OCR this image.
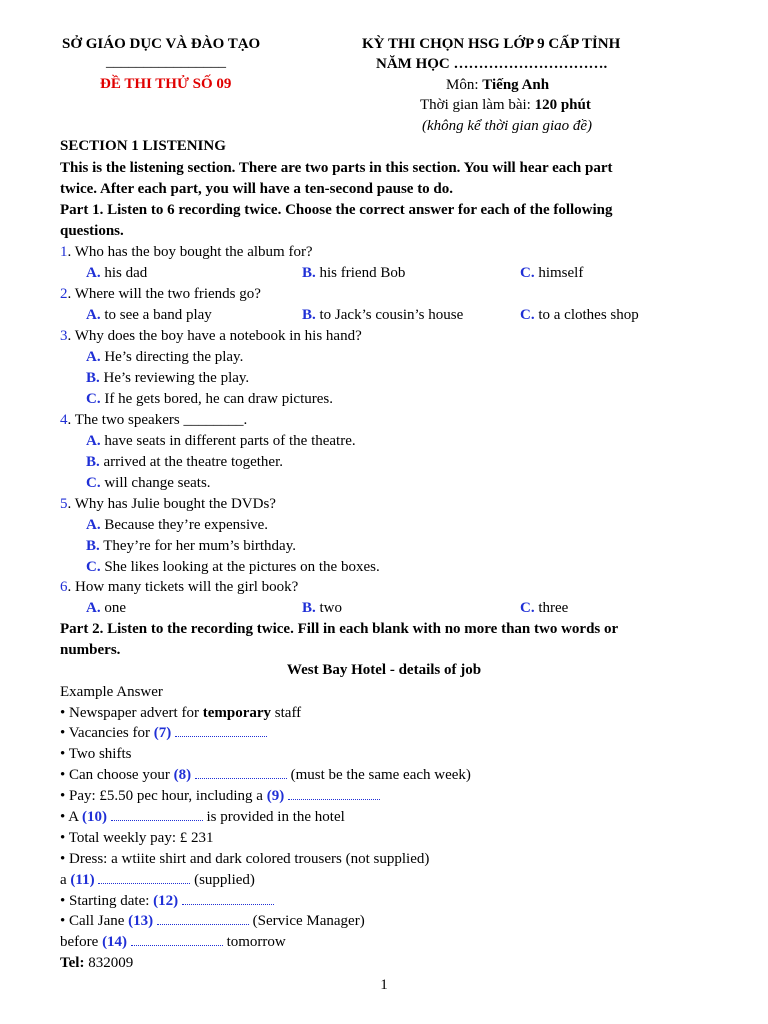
SỞ GIÁO DỤC VÀ ĐÀO TẠO
________________
ĐỀ THI THỬ SỐ 09
KỲ THI CHỌN HSG LỚP 9 CẤP TỈNH
NĂM HỌC ………………………….
Môn: Tiếng Anh
Thời gian làm bài: 120 phút
(không kể thời gian giao đề)
SECTION 1 LISTENING
This is the listening section. There are two parts in this section. You will hear each part
twice. After each part, you will have a ten-second pause to do.
Part 1. Listen to 6 recording twice. Choose the correct answer for each of the following
questions.
1. Who has the boy bought the album for?
A. his dad	B. his friend Bob	C. himself
2. Where will the two friends go?
A. to see a band play	B. to Jack’s cousin’s house	C. to a clothes shop
3. Why does the boy have a notebook in his hand?
A. He’s directing the play.
B. He’s reviewing the play.
C. If he gets bored, he can draw pictures.
4. The two speakers ________.
A. have seats in different parts of the theatre.
B. arrived at the theatre together.
C. will change seats.
5. Why has Julie bought the DVDs?
A. Because they’re expensive.
B. They’re for her mum’s birthday.
C. She likes looking at the pictures on the boxes.
6. How many tickets will the girl book?
A. one	B. two	C. three
Part 2. Listen to the recording twice. Fill in each blank with no more than two words or
numbers.
West Bay Hotel - details of job
Example Answer
• Newspaper advert for temporary staff
• Vacancies for (7)
• Two shifts
• Can choose your (8)	(must be the same each week)
• Pay: £5.50 pec hour, including a (9)
• A (10)	is provided in the hotel
• Total weekly pay: £ 231
• Dress: a wtiite shirt and dark colored trousers (not supplied)
a (11)	(supplied)
• Starting date: (12)
• Call Jane (13)	(Service Manager)
before (14)	tomorrow
Tel: 832009
1
